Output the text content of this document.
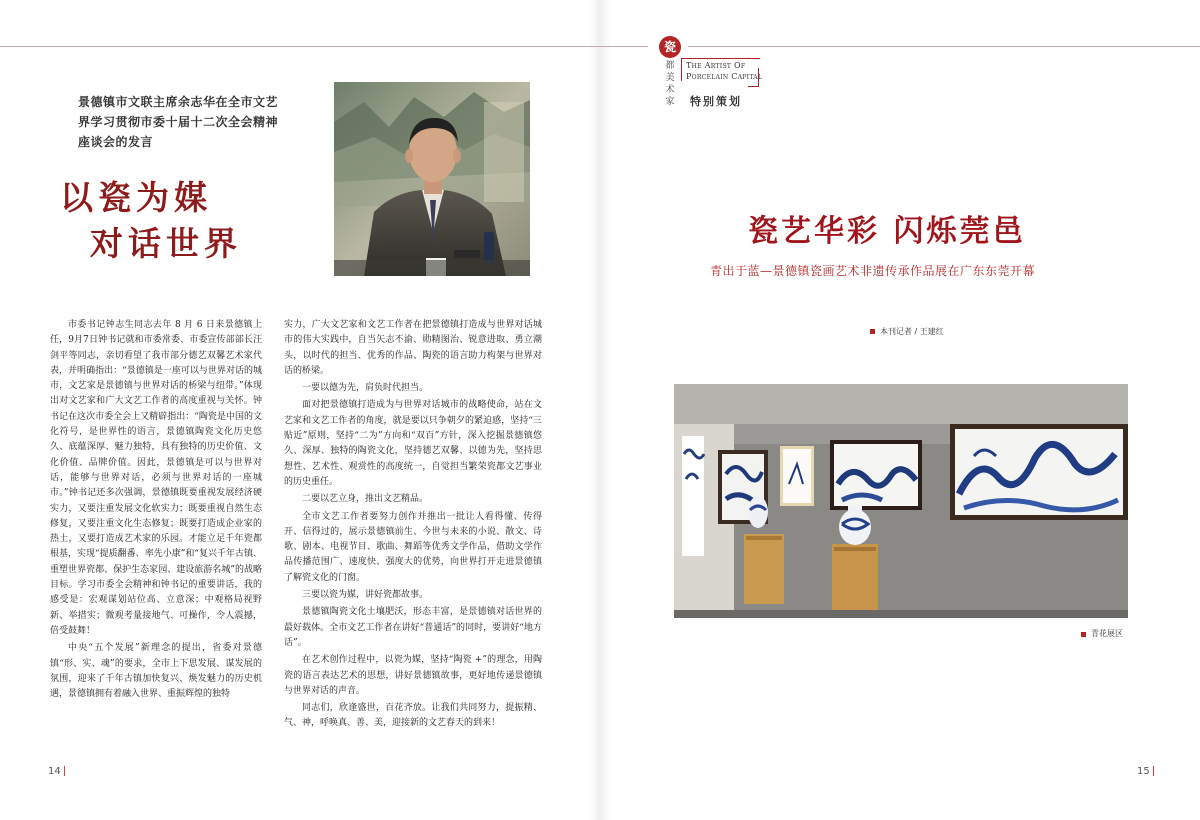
景德镇市文联主席余志华在全市文艺界学习贯彻市委十届十二次全会精神座谈会的发言
以瓷为媒
对话世界

市委书记钟志生同志去年 8 月 6 日来景德镇上任，9月7日钟书记就和市委常委、市委宣传部部长汪剑平等同志，亲切看望了我市部分德艺双馨艺术家代表，并明确指出：“景德镇是一座可以与世界对话的城市，文艺家是景德镇与世界对话的桥梁与纽带。”体现出对文艺家和广大文艺工作者的高度重视与关怀。钟书记在这次市委全会上又精辟指出：“陶瓷是中国的文化符号，是世界性的语言，景德镇陶瓷文化历史悠久、底蕴深厚、魅力独特，具有独特的历史价值、文化价值、品牌价值。因此，景德镇是可以与世界对话，能够与世界对话，必须与世界对话的一座城市。”钟书记还多次强调，景德镇既要重视发展经济硬实力，又要注重发展文化软实力；既要重视自然生态修复，又要注重文化生态修复；既要打造成企业家的热土，又要打造成艺术家的乐园。才能立足千年瓷都根基，实现“提质翻番、率先小康”和“复兴千年古镇、重塑世界瓷都、保护生态家园、建设旅游名城”的战略目标。学习市委全会精神和钟书记的重要讲话，我的感受是：宏观谋划站位高、立意深；中观格局视野新、举措实；微观考量接地气、可操作，令人震撼，倍受鼓舞！

中央“五个发展”新理念的提出，省委对景德镇“形、实、魂”的要求，全市上下思发展、谋发展的氛围，迎来了千年古镇加快复兴、焕发魅力的历史机遇，景德镇拥有着融入世界、重振辉煌的独特

实力，广大文艺家和文艺工作者在把景德镇打造成与世界对话城市的伟大实践中，自当矢志不渝、勋精图治、锐意进取、勇立潮头，以时代的担当、优秀的作品、陶瓷的语言助力构架与世界对话的桥梁。

一要以德为先，肩负时代担当。

面对把景德镇打造成为与世界对话城市的战略使命，站在文艺家和文艺工作者的角度，就是要以只争朝夕的紧迫感，坚持“三贴近”原则，坚持“二为”方向和“双百”方针，深入挖掘景德镇悠久、深厚、独特的陶瓷文化，坚持德艺双馨、以德为先，坚持思想性、艺术性、观赏性的高度统一，自觉担当繁荣瓷都文艺事业的历史重任。

二要以艺立身，推出文艺精品。

全市文艺工作者要努力创作并推出一批让人看得懂、传得开、信得过的，展示景德镇前生、今世与未来的小说、散文、诗歌、剧本、电视节目、歌曲、舞蹈等优秀文学作品，借助文学作品传播范围广、速度快、强度大的优势，向世界打开走进景德镇了解瓷文化的门窗。

三要以瓷为媒，讲好瓷都故事。

景德镇陶瓷文化土壤肥沃，形态丰富，是景德镇对话世界的最好载体。全市文艺工作者在讲好“普通话”的同时，要讲好“地方话”。

在艺术创作过程中，以瓷为媒，坚持“陶瓷 +”的理念，用陶瓷的语言表达艺术的思想，讲好景德镇故事，更好地传递景德镇与世界对话的声音。

同志们，欣逢盛世，百花齐放。让我们共同努力，提振精、气、神，呼唤真、善、美，迎接新的文艺春天的到来！

14
瓷
都美术家
The Artist Of
Porcelain Capital
特别策划
瓷艺华彩 闪烁莞邑
青出于蓝—景德镇瓷画艺术非遗传承作品展在广东东莞开幕
本刊记者 / 王建红
青花展区
15
